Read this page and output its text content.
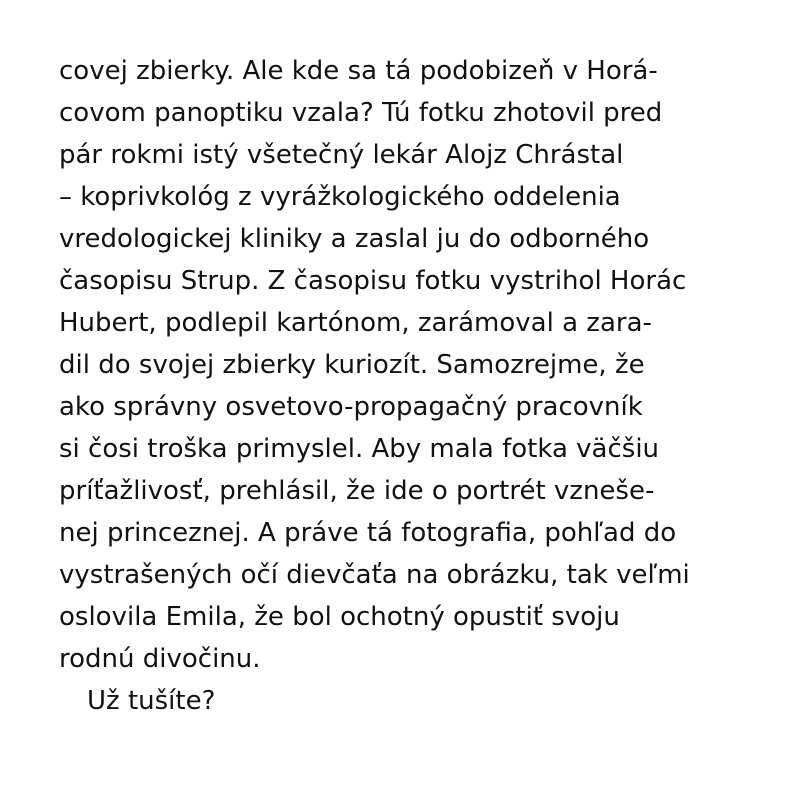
covej zbierky. Ale kde sa tá podobizeň v Horá-
covom panoptiku vzala? Tú fotku zhotovil pred
pár rokmi istý všetečný lekár Alojz Chrástal
– koprivkológ z vyrážkologického oddelenia
vredologickej kliniky a zaslal ju do odborného
časopisu Strup. Z časopisu fotku vystrihol Horác
Hubert, podlepil kartónom, zarámoval a zara-
dil do svojej zbierky kuriozít. Samozrejme, že
ako správny osvetovo-propagačný pracovník
si čosi troška primyslel. Aby mala fotka väčšiu
príťažlivosť, prehlásil, že ide o portrét vzneše-
nej princeznej. A práve tá fotografia, pohľad do
vystrašených očí dievčaťa na obrázku, tak veľmi
oslovila Emila, že bol ochotný opustiť svoju
rodnú divočinu.
Už tušíte?
